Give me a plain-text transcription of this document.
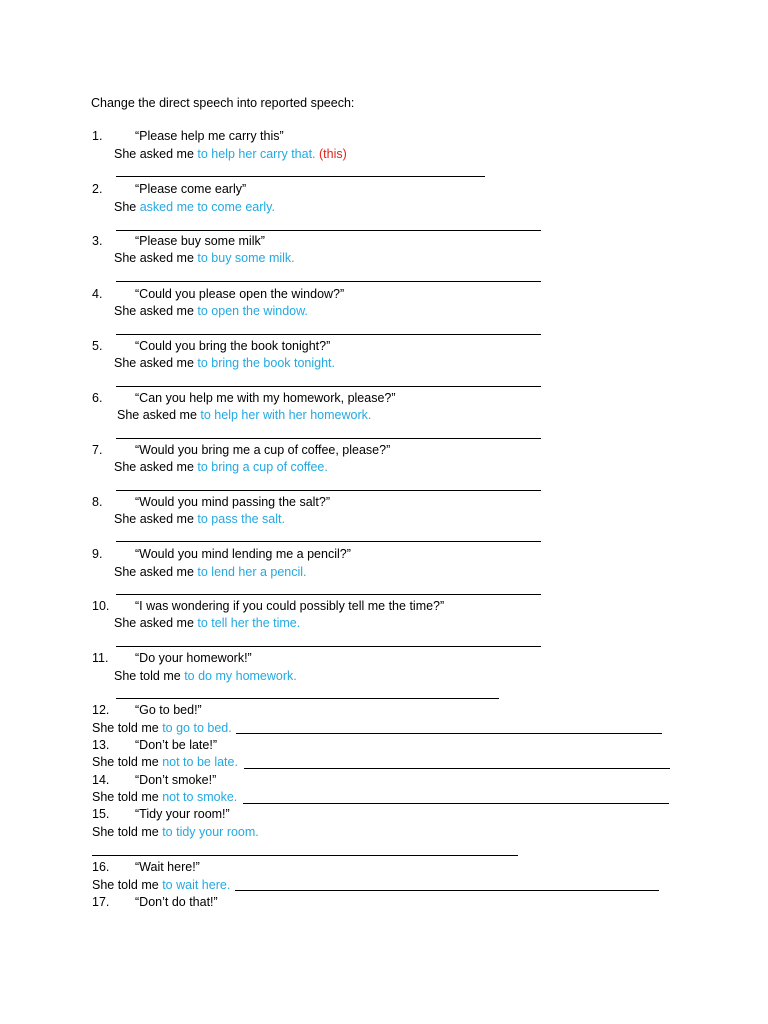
Change the direct speech into reported speech:
1.	“Please help me carry this”
She asked me to help her carry that. (this)
2.	“Please come early”
She asked me to come early.
3.	“Please buy some milk”
She asked me to buy some milk.
4.	“Could you please open the window?”
She asked me to open the window.
5.	“Could you bring the book tonight?”
She asked me to bring the book tonight.
6.	“Can you help me with my homework, please?”
She asked me to help her with her homework.
7.	“Would you bring me a cup of coffee, please?”
She asked me to bring a cup of coffee.
8.	“Would you mind passing the salt?”
She asked me to pass the salt.
9.	“Would you mind lending me a pencil?”
She asked me to lend her a pencil.
10. “I was wondering if you could possibly tell me the time?”
She asked me to tell her the time.
11. “Do your homework!”
She told me to do my homework.
12. “Go to bed!”
She told me to go to bed.
13. “Don’t be late!”
She told me not to be late.
14. “Don’t smoke!”
She told me not to smoke.
15. “Tidy your room!”
She told me to tidy your room.
16. “Wait here!”
She told me to wait here.
17. “Don’t do that!”
